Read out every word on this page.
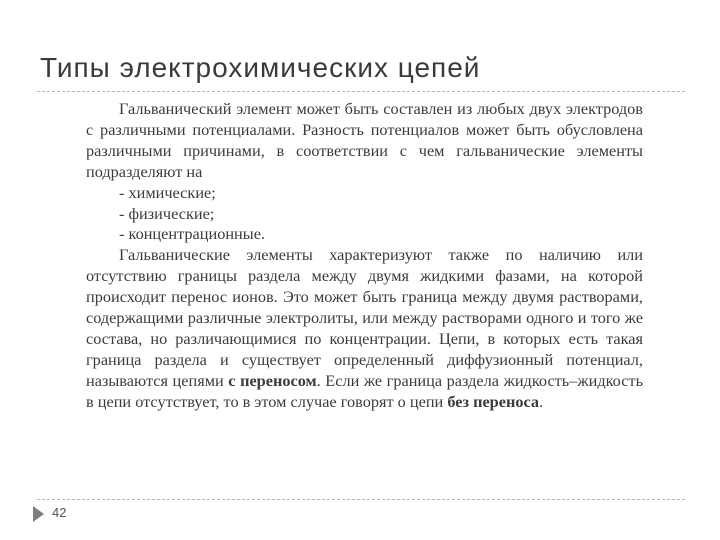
Типы электрохимических цепей

Гальванический элемент может быть составлен из любых двух электродов с различными потенциалами. Разность потенциалов может быть обусловлена различными причинами, в соответствии с чем гальванические элементы подразделяют на

- химические;
- физические;
- концентрационные.

Гальванические элементы характеризуют также по наличию или отсутствию границы раздела между двумя жидкими фазами, на которой происходит перенос ионов. Это может быть граница между двумя растворами, содержащими различные электролиты, или между растворами одного и того же состава, но различающимися по концентрации. Цепи, в которых есть такая граница раздела и существует определенный диффузионный потенциал, называются цепями с переносом. Если же граница раздела жидкость–жидкость в цепи отсутствует, то в этом случае говорят о цепи без переноса.

42
